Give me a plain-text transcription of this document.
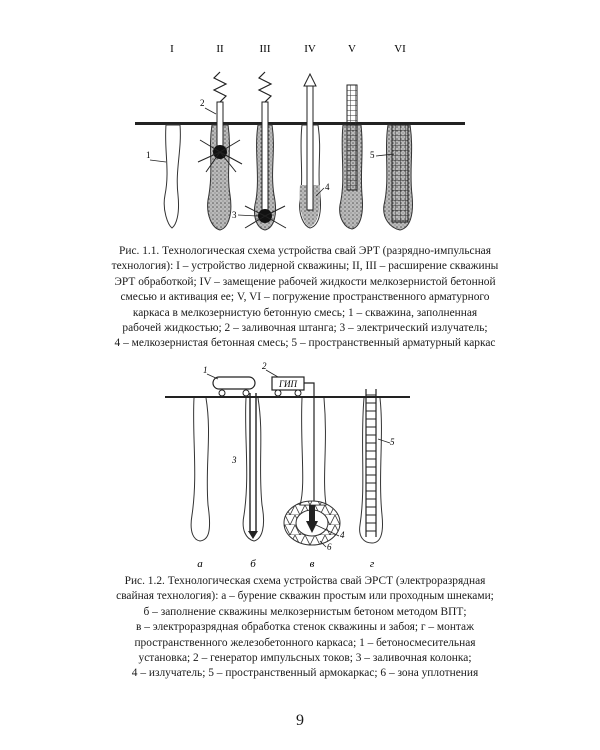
I	II	III	IV	V	VI
1
2
3
4
5
Рис. 1.1. Технологическая схема устройства свай ЭРТ (разрядно-импульсная
технология): I – устройство лидерной скважины; II, III – расширение скважины
ЭРТ обработкой; IV – замещение рабочей жидкости мелкозернистой бетонной
смесью и активация ее; V, VI – погружение пространственного арматурного
каркаса в мелкозернистую бетонную смесь; 1 – скважина, заполненная
рабочей жидкостью; 2 – заливочная штанга; 3 – электрический излучатель;
4 – мелкозернистая бетонная смесь; 5 – пространственный арматурный каркас
ГИП
1	2
3
4
5
6
а	б	в	г
Рис. 1.2. Технологическая схема устройства свай ЭРСТ (электроразрядная
свайная технология): а – бурение скважин простым или проходным шнеками;
б – заполнение скважины мелкозернистым бетоном методом ВПТ;
в – электроразрядная обработка стенок скважины и забоя; г – монтаж
пространственного железобетонного каркаса; 1 – бетоносмесительная
установка; 2 – генератор импульсных токов; 3 – заливочная колонка;
4 – излучатель; 5 – пространственный армокаркас; 6 – зона уплотнения
9
